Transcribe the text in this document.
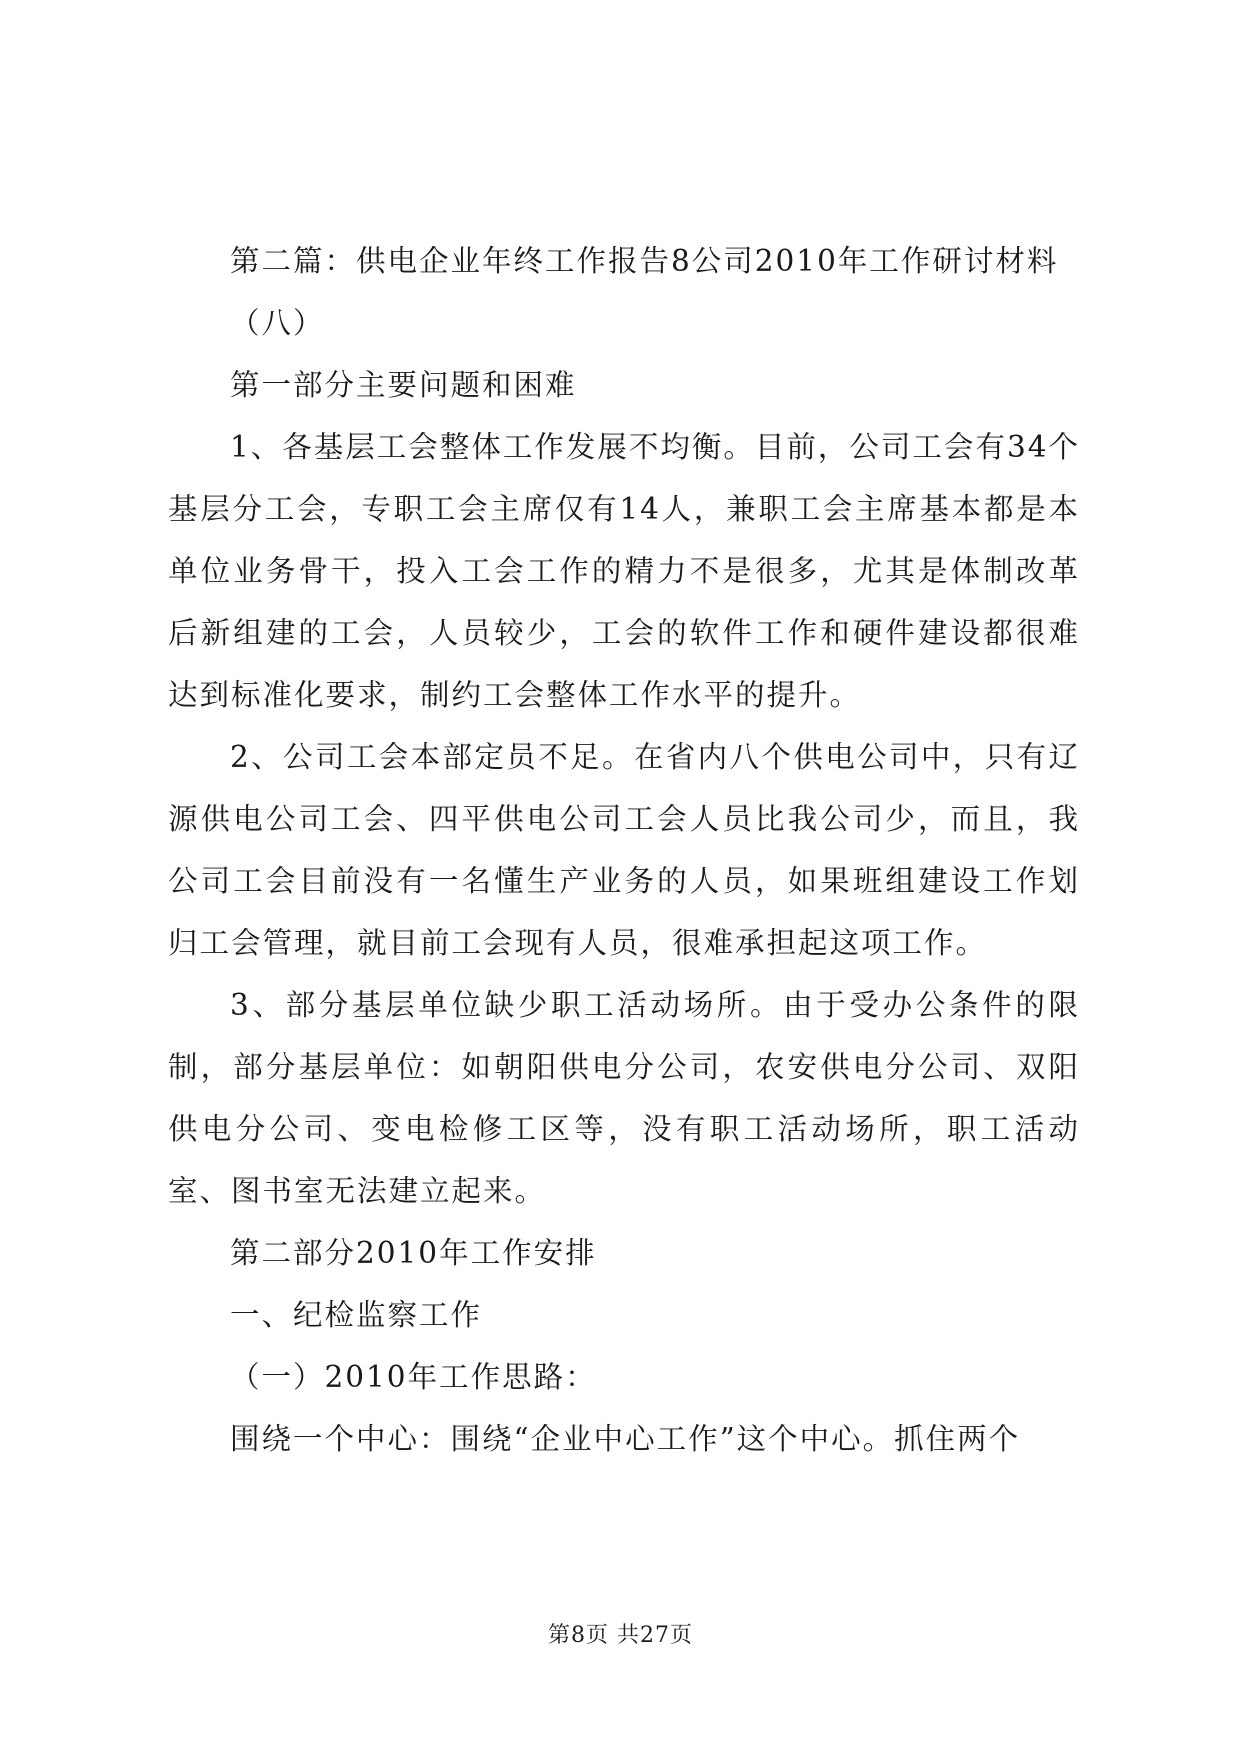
第二篇：供电企业年终工作报告8公司2010年工作研讨材料

（八）

第一部分主要问题和困难

1、各基层工会整体工作发展不均衡。目前，公司工会有34个基层分工会，专职工会主席仅有14人，兼职工会主席基本都是本单位业务骨干，投入工会工作的精力不是很多，尤其是体制改革后新组建的工会，人员较少，工会的软件工作和硬件建设都很难达到标准化要求，制约工会整体工作水平的提升。

2、公司工会本部定员不足。在省内八个供电公司中，只有辽源供电公司工会、四平供电公司工会人员比我公司少，而且，我公司工会目前没有一名懂生产业务的人员，如果班组建设工作划归工会管理，就目前工会现有人员，很难承担起这项工作。

3、部分基层单位缺少职工活动场所。由于受办公条件的限制，部分基层单位：如朝阳供电分公司，农安供电分公司、双阳供电分公司、变电检修工区等，没有职工活动场所，职工活动室、图书室无法建立起来。

第二部分2010年工作安排

一、纪检监察工作

（一）2010年工作思路：

围绕一个中心：围绕“企业中心工作”这个中心。抓住两个

第8页 共27页
